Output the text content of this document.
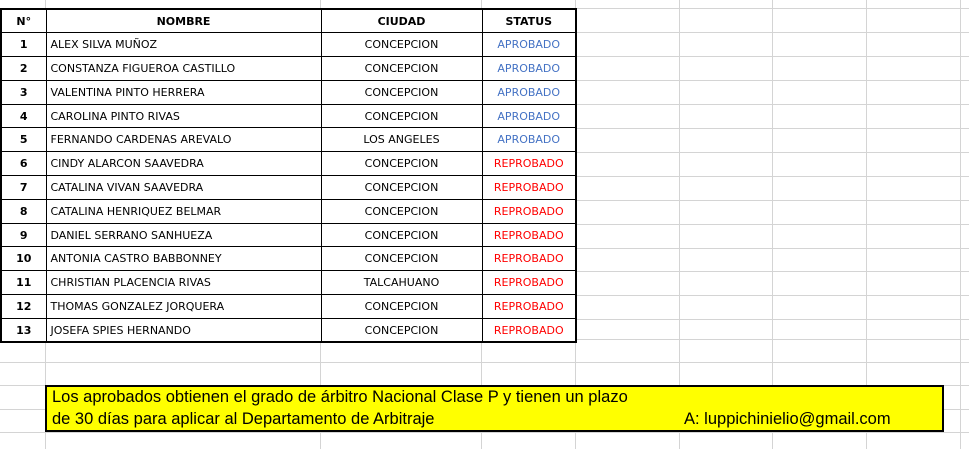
N°	NOMBRE	CIUDAD	STATUS
1	ALEX SILVA MUÑOZ	CONCEPCION	APROBADO
2	CONSTANZA FIGUEROA CASTILLO	CONCEPCION	APROBADO
3	VALENTINA PINTO HERRERA	CONCEPCION	APROBADO
4	CAROLINA PINTO RIVAS	CONCEPCION	APROBADO
5	FERNANDO CARDENAS AREVALO	LOS ANGELES	APROBADO
6	CINDY ALARCON SAAVEDRA	CONCEPCION	REPROBADO
7	CATALINA VIVAN SAAVEDRA	CONCEPCION	REPROBADO
8	CATALINA HENRIQUEZ BELMAR	CONCEPCION	REPROBADO
9	DANIEL SERRANO SANHUEZA	CONCEPCION	REPROBADO
10	ANTONIA CASTRO BABBONNEY	CONCEPCION	REPROBADO
11	CHRISTIAN PLACENCIA RIVAS	TALCAHUANO	REPROBADO
12	THOMAS GONZALEZ JORQUERA	CONCEPCION	REPROBADO
13	JOSEFA SPIES HERNANDO	CONCEPCION	REPROBADO
Los aprobados obtienen el grado de árbitro Nacional Clase P y tienen un plazo
de 30 días para aplicar al Departamento de Arbitraje	A: luppichinielio@gmail.com
